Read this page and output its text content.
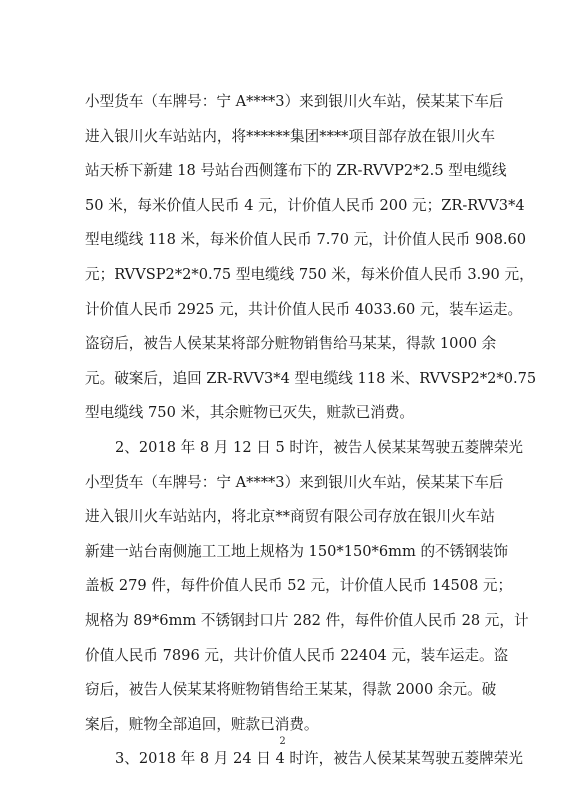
小型货车（车牌号：宁 A****3）来到银川火车站，侯某某下车后
进入银川火车站站内，将******集团****项目部存放在银川火车
站天桥下新建 18 号站台西侧篷布下的 ZR-RVVP2*2.5 型电缆线
50 米，每米价值人民币 4 元，计价值人民币 200 元；ZR-RVV3*4
型电缆线 118 米，每米价值人民币 7.70 元，计价值人民币 908.60
元；RVVSP2*2*0.75 型电缆线 750 米，每米价值人民币 3.90 元，
计价值人民币 2925 元，共计价值人民币 4033.60 元，装车运走。
盗窃后，被告人侯某某将部分赃物销售给马某某，得款 1000 余
元。破案后，追回 ZR-RVV3*4 型电缆线 118 米、RVVSP2*2*0.75
型电缆线 750 米，其余赃物已灭失，赃款已消费。
2、2018 年 8 月 12 日 5 时许，被告人侯某某驾驶五菱牌荣光
小型货车（车牌号：宁 A****3）来到银川火车站，侯某某下车后
进入银川火车站站内，将北京**商贸有限公司存放在银川火车站
新建一站台南侧施工工地上规格为 150*150*6mm 的不锈钢装饰
盖板 279 件，每件价值人民币 52 元，计价值人民币 14508 元；
规格为 89*6mm 不锈钢封口片 282 件，每件价值人民币 28 元，计
价值人民币 7896 元，共计价值人民币 22404 元，装车运走。盗
窃后，被告人侯某某将赃物销售给王某某，得款 2000 余元。破
案后，赃物全部追回，赃款已消费。
3、2018 年 8 月 24 日 4 时许，被告人侯某某驾驶五菱牌荣光
2
